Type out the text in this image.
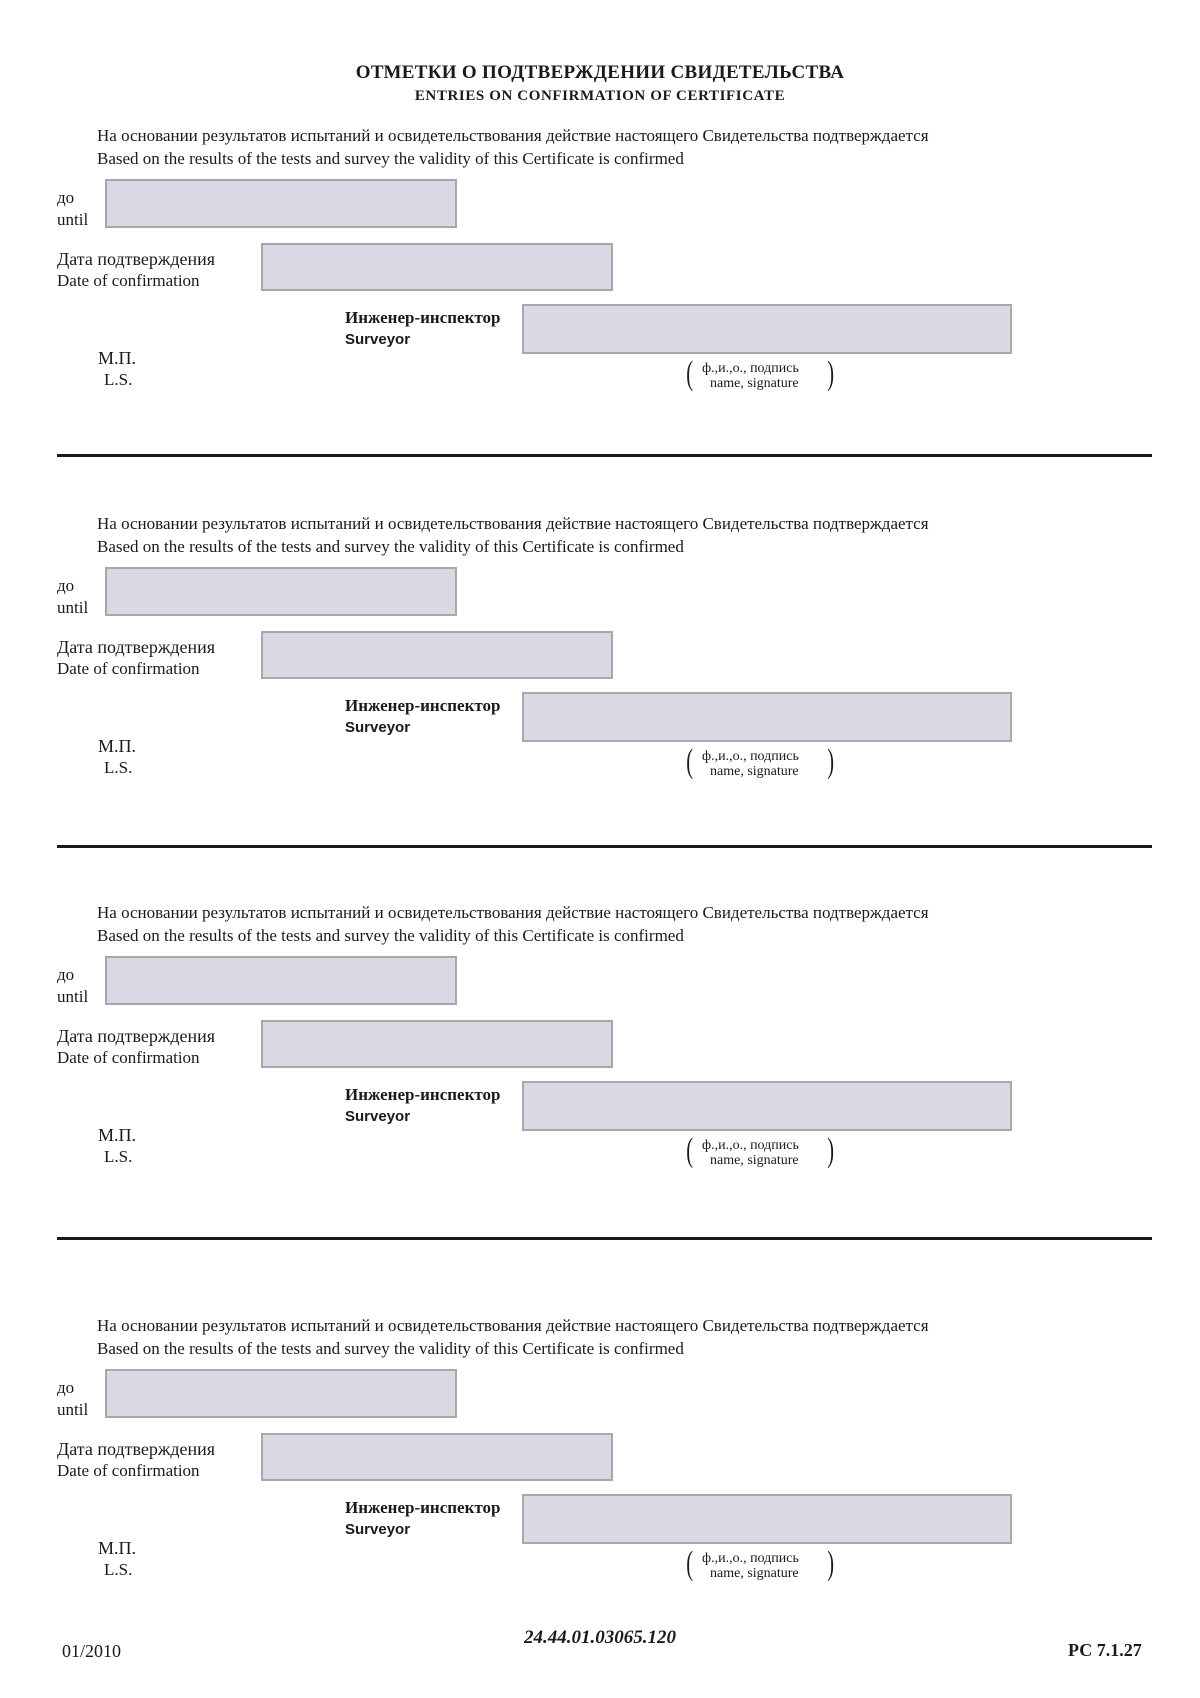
ОТМЕТКИ О ПОДТВЕРЖДЕНИИ СВИДЕТЕЛЬСТВА
ENTRIES ON CONFIRMATION OF CERTIFICATE
На основании результатов испытаний и освидетельствования действие настоящего Свидетельства подтверждается
Based on the results of the tests and survey the validity of this Certificate is confirmed
до
until
Дата подтверждения
Date of confirmation
Инженер-инспектор
Surveyor
М.П.
L.S.	( ф.,и.,о., подпись
name, signature )
На основании результатов испытаний и освидетельствования действие настоящего Свидетельства подтверждается
Based on the results of the tests and survey the validity of this Certificate is confirmed
до
until
Дата подтверждения
Date of confirmation
Инженер-инспектор
Surveyor
М.П.
L.S.	( ф.,и.,о., подпись
name, signature )
На основании результатов испытаний и освидетельствования действие настоящего Свидетельства подтверждается
Based on the results of the tests and survey the validity of this Certificate is confirmed
до
until
Дата подтверждения
Date of confirmation
Инженер-инспектор
Surveyor
М.П.
L.S.	( ф.,и.,о., подпись
name, signature )
На основании результатов испытаний и освидетельствования действие настоящего Свидетельства подтверждается
Based on the results of the tests and survey the validity of this Certificate is confirmed
до
until
Дата подтверждения
Date of confirmation
Инженер-инспектор
Surveyor
М.П.
L.S.	( ф.,и.,о., подпись
name, signature )
01/2010
24.44.01.03065.120
РС 7.1.27
